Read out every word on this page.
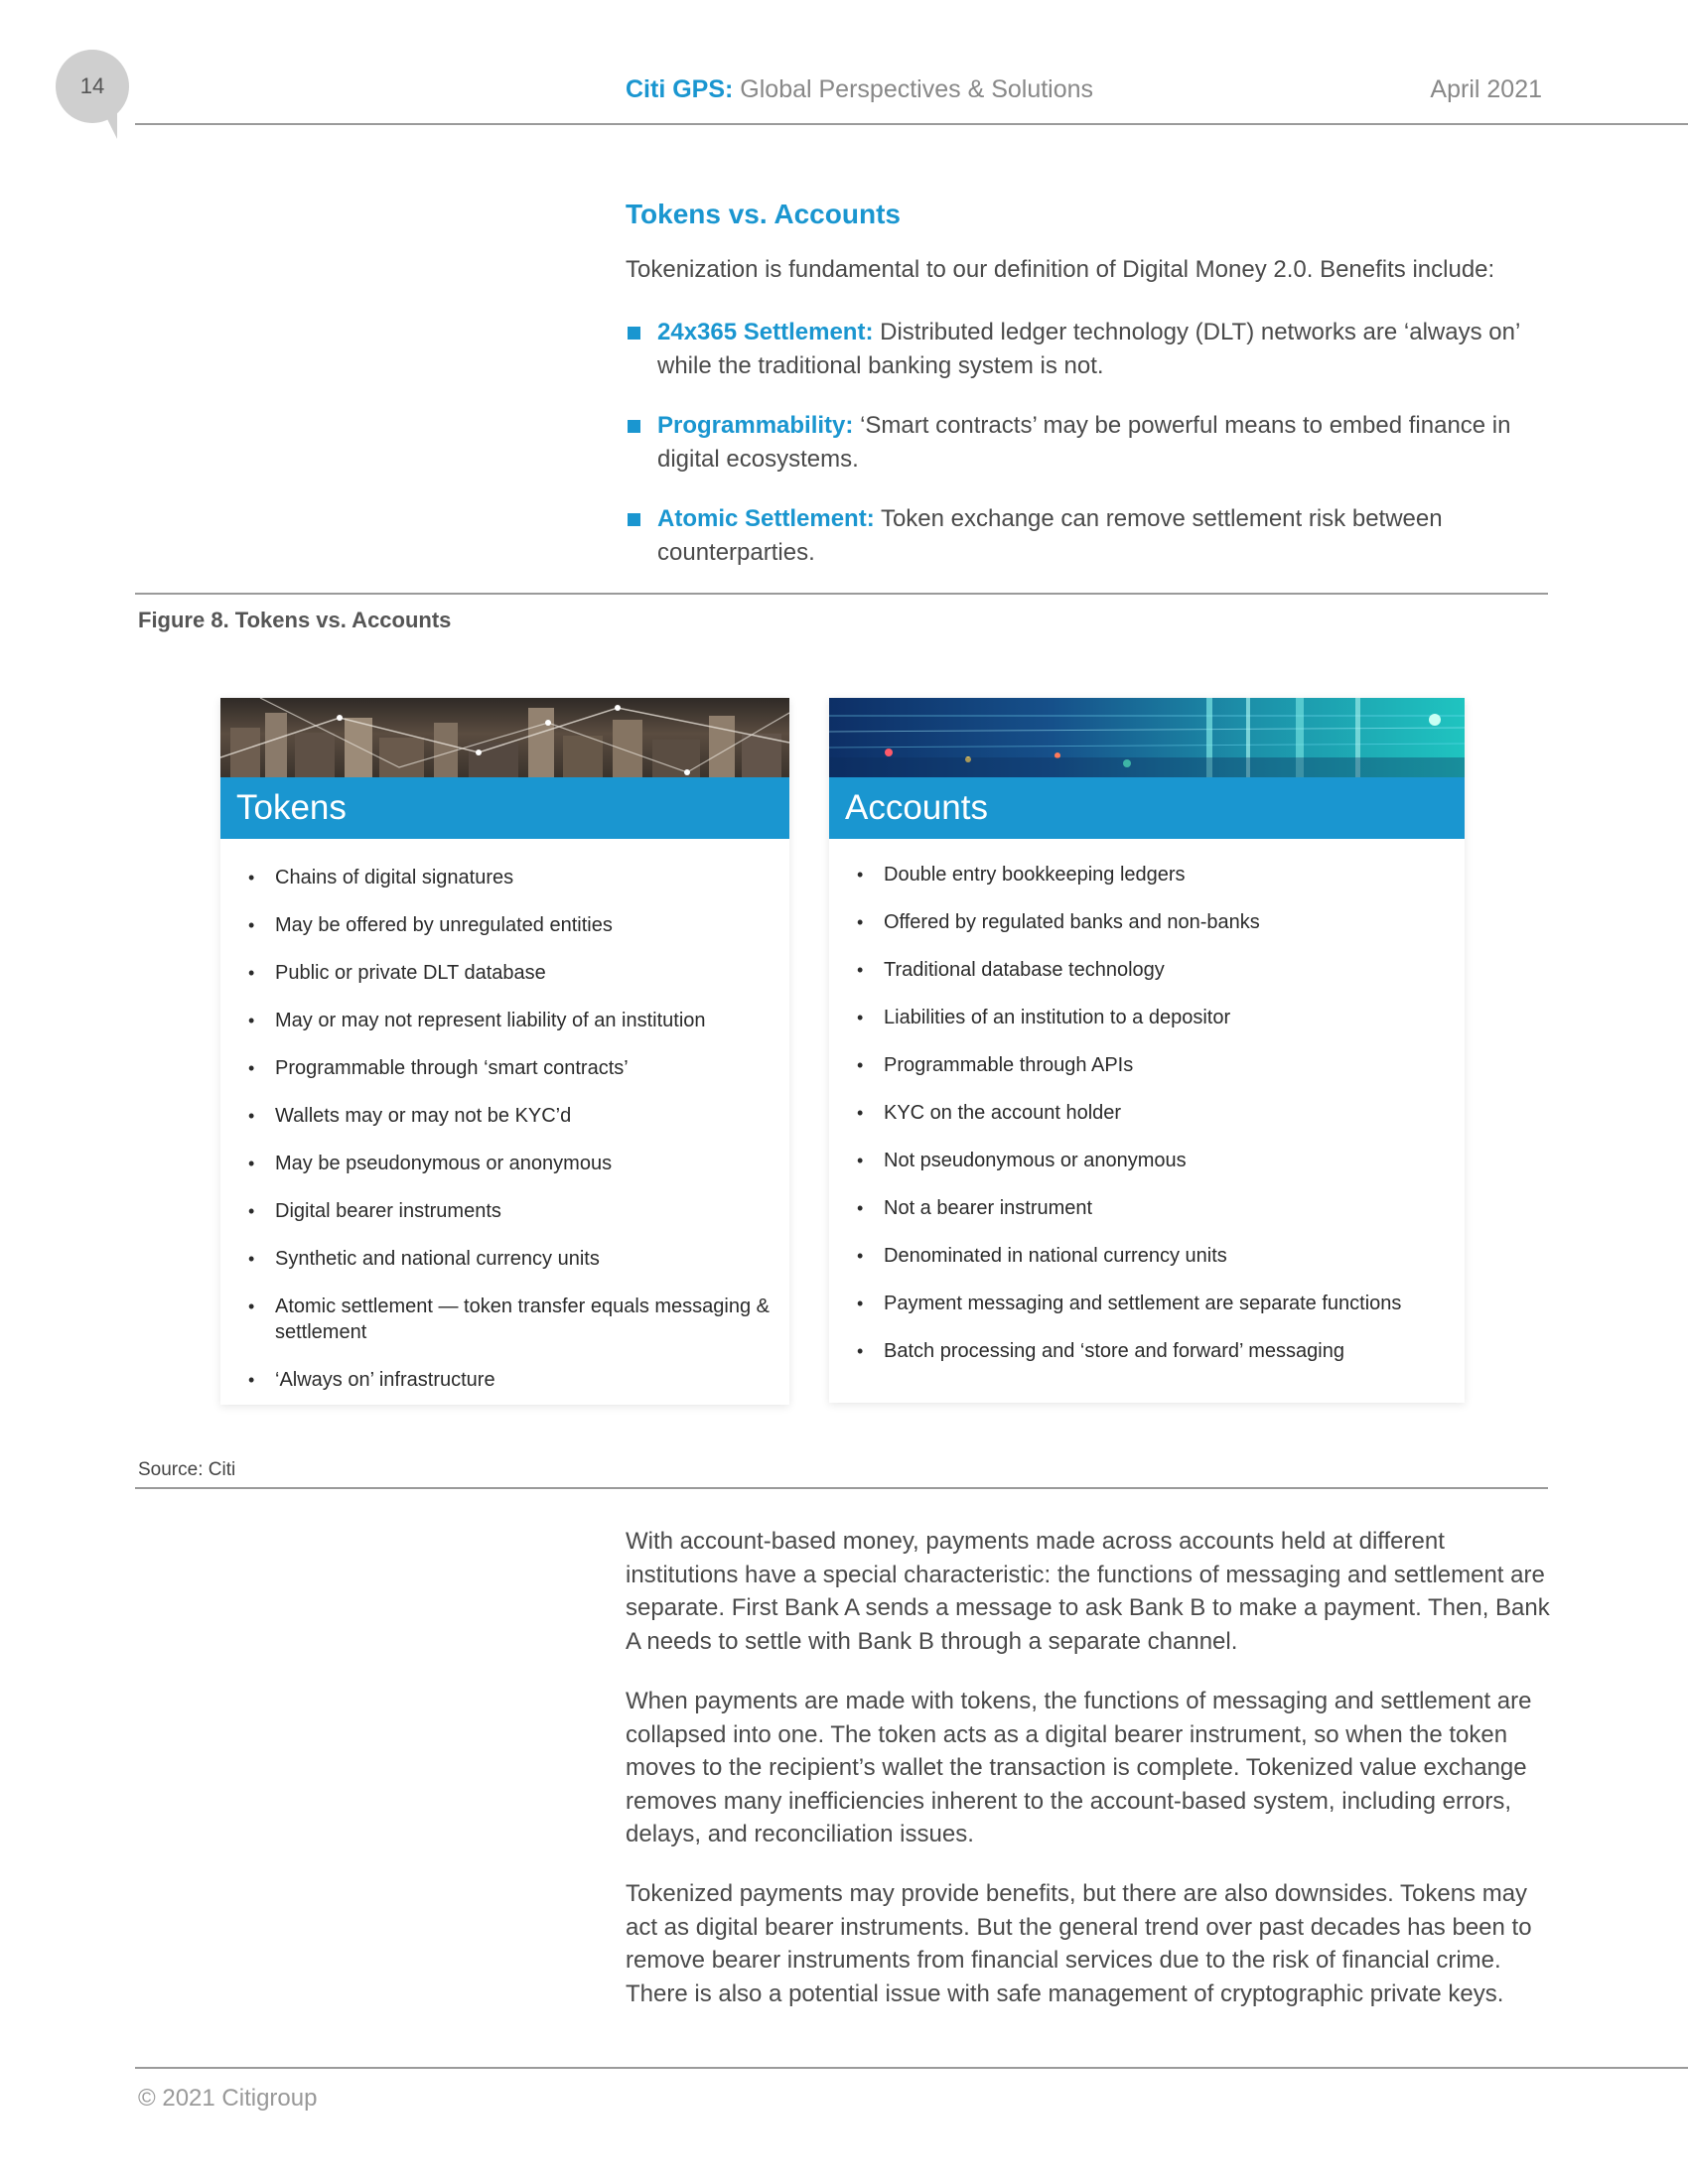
14	Citi GPS: Global Perspectives & Solutions	April 2021
Tokens vs. Accounts
Tokenization is fundamental to our definition of Digital Money 2.0. Benefits include:
24x365 Settlement: Distributed ledger technology (DLT) networks are ‘always on’ while the traditional banking system is not.
Programmability: ‘Smart contracts’ may be powerful means to embed finance in digital ecosystems.
Atomic Settlement: Token exchange can remove settlement risk between counterparties.
Figure 8. Tokens vs. Accounts
Tokens
• Chains of digital signatures
• May be offered by unregulated entities
• Public or private DLT database
• May or may not represent liability of an institution
• Programmable through ‘smart contracts’
• Wallets may or may not be KYC’d
• May be pseudonymous or anonymous
• Digital bearer instruments
• Synthetic and national currency units
• Atomic settlement — token transfer equals messaging & settlement
• ‘Always on’ infrastructure
Accounts
• Double entry bookkeeping ledgers
• Offered by regulated banks and non-banks
• Traditional database technology
• Liabilities of an institution to a depositor
• Programmable through APIs
• KYC on the account holder
• Not pseudonymous or anonymous
• Not a bearer instrument
• Denominated in national currency units
• Payment messaging and settlement are separate functions
• Batch processing and ‘store and forward’ messaging
Source: Citi

With account-based money, payments made across accounts held at different institutions have a special characteristic: the functions of messaging and settlement are separate. First Bank A sends a message to ask Bank B to make a payment. Then, Bank A needs to settle with Bank B through a separate channel.

When payments are made with tokens, the functions of messaging and settlement are collapsed into one. The token acts as a digital bearer instrument, so when the token moves to the recipient’s wallet the transaction is complete. Tokenized value exchange removes many inefficiencies inherent to the account-based system, including errors, delays, and reconciliation issues.

Tokenized payments may provide benefits, but there are also downsides. Tokens may act as digital bearer instruments. But the general trend over past decades has been to remove bearer instruments from financial services due to the risk of financial crime. There is also a potential issue with safe management of cryptographic private keys.

© 2021 Citigroup
